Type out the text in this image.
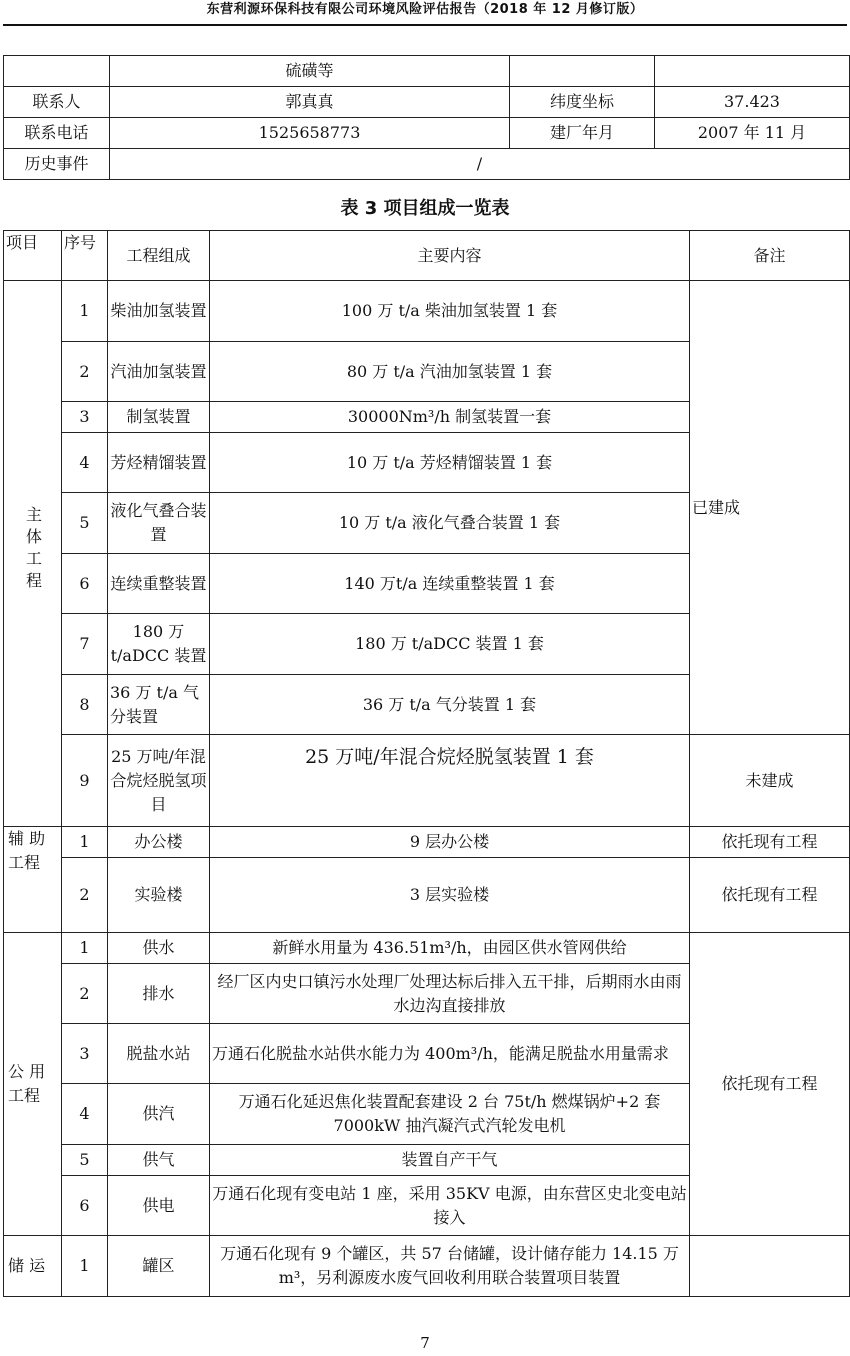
东营利源环保科技有限公司环境风险评估报告（2018 年 12 月修订版）
	硫磺等		
联系人	郭真真	纬度坐标	37.423
联系电话	1525658773	建厂年月	2007 年 11 月
历史事件	/		
表 3 项目组成一览表
项目	序号	工程组成	主要内容	备注
主体工程	1	柴油加氢装置	100 万 t/a 柴油加氢装置 1 套	已建成
	2	汽油加氢装置	80 万 t/a 汽油加氢装置 1 套	
	3	制氢装置	30000Nm³/h 制氢装置一套	
	4	芳烃精馏装置	10 万 t/a 芳烃精馏装置 1 套	
	5	液化气叠合装置	10 万 t/a 液化气叠合装置 1 套	
	6	连续重整装置	140 万t/a 连续重整装置 1 套	
	7	180 万 t/aDCC 装置	180 万 t/aDCC 装置 1 套	
	8	36 万 t/a 气分装置	36 万 t/a 气分装置 1 套	
	9	25 万吨/年混合烷烃脱氢项目	25 万吨/年混合烷烃脱氢装置 1 套	未建成
辅 助 工程	1	办公楼	9 层办公楼	依托现有工程
	2	实验楼	3 层实验楼	依托现有工程
公 用 工程	1	供水	新鲜水用量为 436.51m³/h，由园区供水管网供给	依托现有工程
	2	排水	经厂区内史口镇污水处理厂处理达标后排入五干排，后期雨水由雨水边沟直接排放	
	3	脱盐水站	万通石化脱盐水站供水能力为 400m³/h，能满足脱盐水用量需求	
	4	供汽	万通石化延迟焦化装置配套建设 2 台 75t/h 燃煤锅炉+2 套 7000kW 抽汽凝汽式汽轮发电机	
	5	供气	装置自产干气	
	6	供电	万通石化现有变电站 1 座，采用 35KV 电源，由东营区史北变电站接入	
储 运	1	罐区	万通石化现有 9 个罐区，共 57 台储罐，设计储存能力 14.15 万 m³，另利源废水废气回收利用联合装置项目装置	
7
